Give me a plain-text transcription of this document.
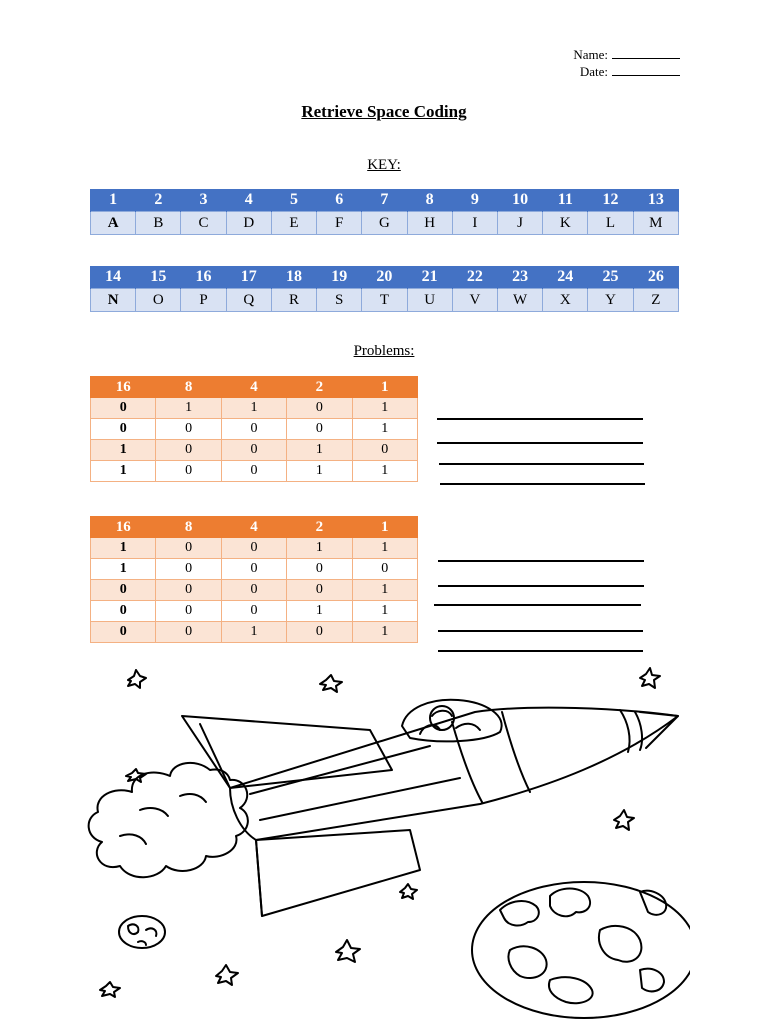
Name:
Date:
Retrieve Space Coding
KEY:
1	2	3	4	5	6	7	8	9	10	11	12	13
A	B	C	D	E	F	G	H	I	J	K	L	M
14	15	16	17	18	19	20	21	22	23	24	25	26
N	O	P	Q	R	S	T	U	V	W	X	Y	Z
Problems:
16	8	4	2	1
0	1	1	0	1
0	0	0	0	1
1	0	0	1	0
1	0	0	1	1
16	8	4	2	1
1	0	0	1	1
1	0	0	0	0
0	0	0	0	1
0	0	0	1	1
0	0	1	0	1
